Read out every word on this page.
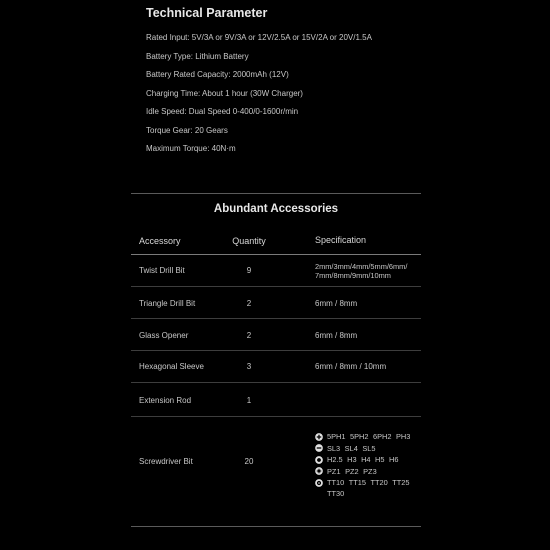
Technical Parameter
Rated Input: 5V/3A or 9V/3A or 12V/2.5A or 15V/2A or 20V/1.5A
Battery Type: Lithium Battery
Battery Rated Capacity: 2000mAh (12V)
Charging Time: About 1 hour (30W Charger)
Idle Speed: Dual Speed 0-400/0-1600r/min
Torque Gear: 20 Gears
Maximum Torque: 40N·m
Abundant Accessories
Accessory	Quantity	Specification
Twist Drill Bit	9	2mm/3mm/4mm/5mm/6mm/ 7mm/8mm/9mm/10mm
Triangle Drill Bit	2	6mm / 8mm
Glass Opener	2	6mm / 8mm
Hexagonal Sleeve	3	6mm / 8mm / 10mm
Extension Rod	1
Screwdriver Bit	20
5PH1 5PH2 6PH2 PH3
SL3 SL4 SL5
H2.5 H3 H4 H5 H6
PZ1 PZ2 PZ3
TT10 TT15 TT20 TT25
TT30
